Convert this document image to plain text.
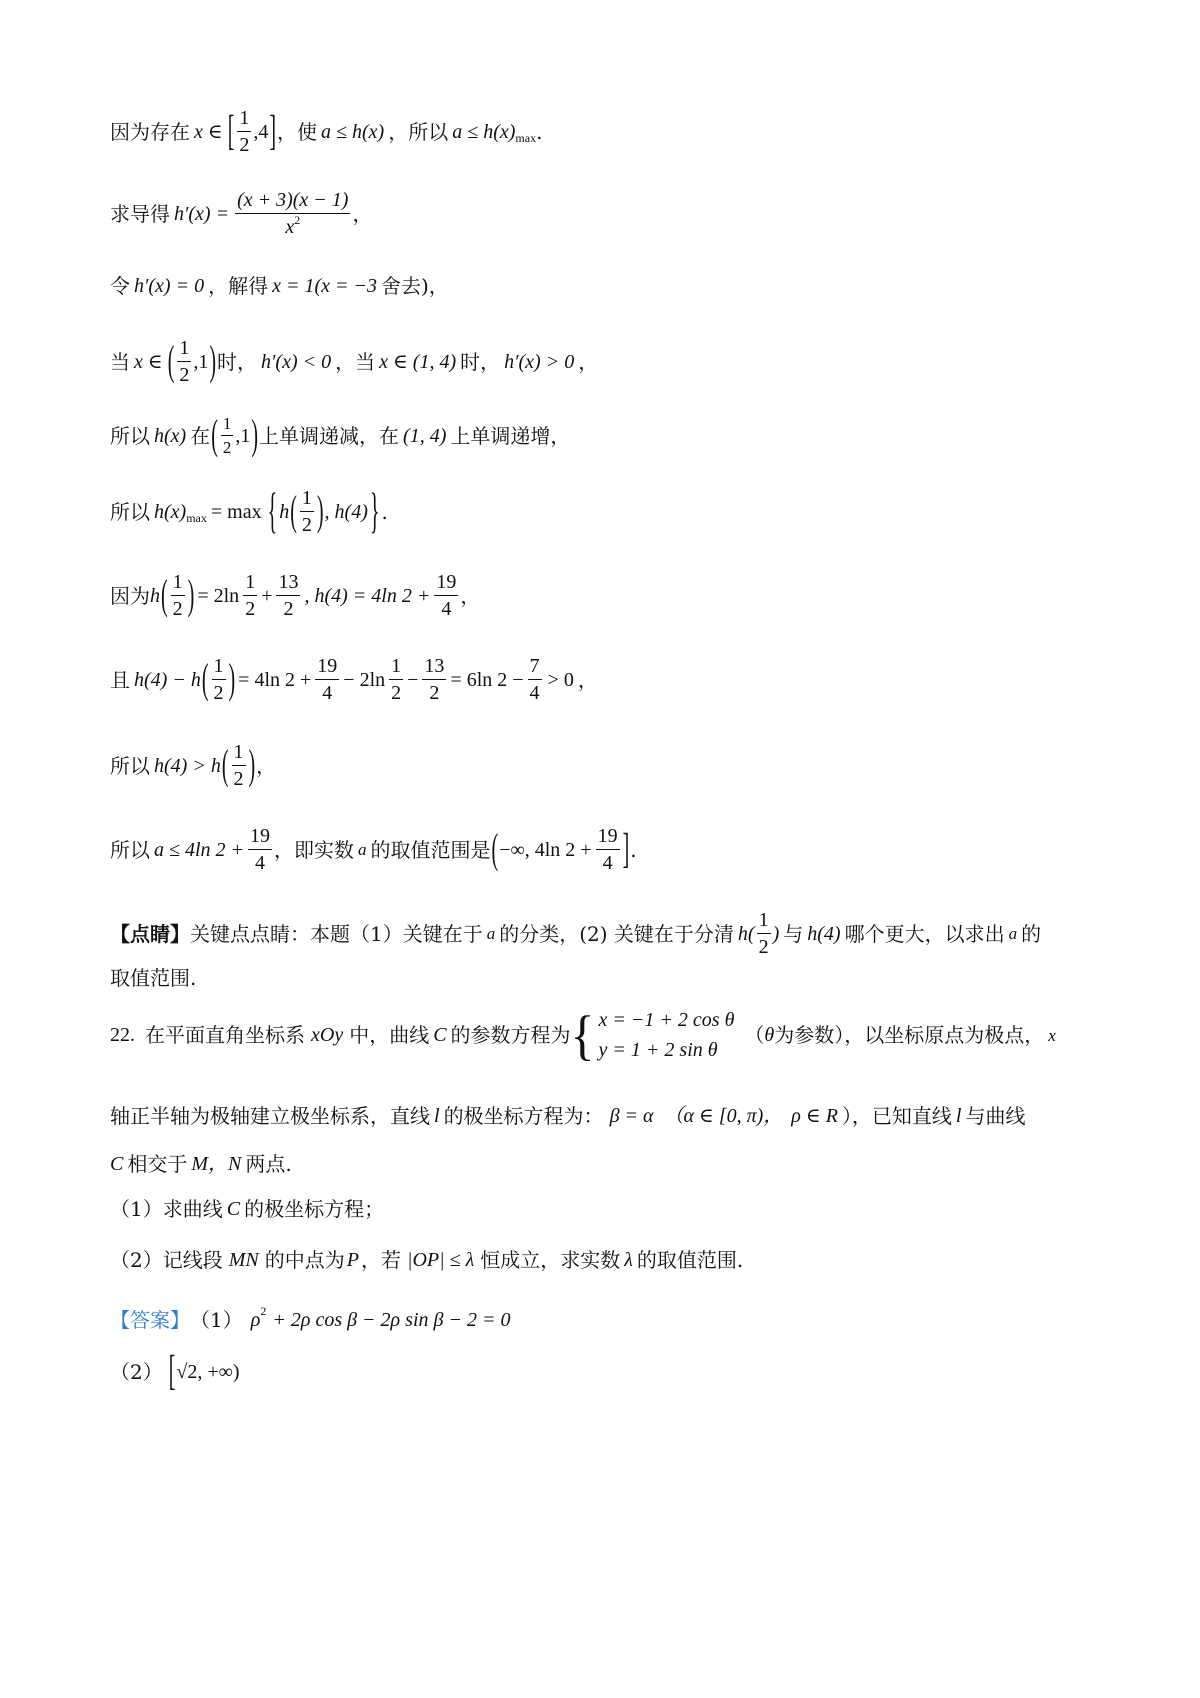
因为存在 x ∈ [ $\frac{1}{2} ,4$ ] ，使 a ≤ h(x) ，所以 a ≤ h(x) max .
求导得 $h'(x) = \frac{(x + 3)(x - 1)}{x^2}$ ，
令 h′(x) = 0 ，解得 x = 1(x = −3 舍去)，
当 x ∈ ( $\frac{1}{2} ,1$ ) 时， h′(x) < 0 ，当 x ∈ (1, 4) 时， h′(x) > 0 ，
所以 h(x) 在 ( $\frac{1}{2} ,1$ ) 上单调递减，在 (1, 4) 上单调递增，
所以 h(x) max = max { h ( $\frac{1}{2}$ ) , h(4) } .
因为 h ( $\frac{1}{2}$ ) = $2\ln \frac{1}{2} + \frac{13}{2}$ , h(4) = 4ln $2 + \frac{19}{4}$ ，
且 h(4) − h ( $\frac{1}{2}$ ) = 4ln $2 + \frac{19}{4} - 2\ln \frac{1}{2} - \frac{13}{2} = 6\ln$ $2 - \frac{7}{4} > 0$ ，
所以 h(4) > h ( $\frac{1}{2}$ ) ，
所以 a ≤ 4ln $2 + \frac{19}{4}$ ，即实数 a 的取值范围是 ( −∞, 4ln $2 + \frac{19}{4}$ ] .
【点睛】 关键点点睛：本题（1）关键在于 a 的分类，(2) 关键在于分清 $h( \frac{1}{2}$ ) 与 h(4) 哪个更大，以求出 a 的
取值范围.
22. 在平面直角坐标系 xOy 中，曲线 C 的参数方程为 { x = −1 + 2 cos θ
y = 1 + 2 sin θ
（ θ 为参数），以坐标原点为极点， x
轴正半轴为极轴建立极坐标系，直线 l 的极坐标方程为： β = α （α ∈ [0, π)， ρ ∈ R ），已知直线 l 与曲线
C 相交于 M，N 两点.
（1）求曲线 C 的极坐标方程；
（2）记线段 MN 的中点为 P ，若 |OP| ≤ λ 恒成立，求实数 λ 的取值范围.
【答案】 （1） ρ 2 + 2ρ cos β − 2ρ sin β − 2 = 0
（2） [ √2 , +∞)
